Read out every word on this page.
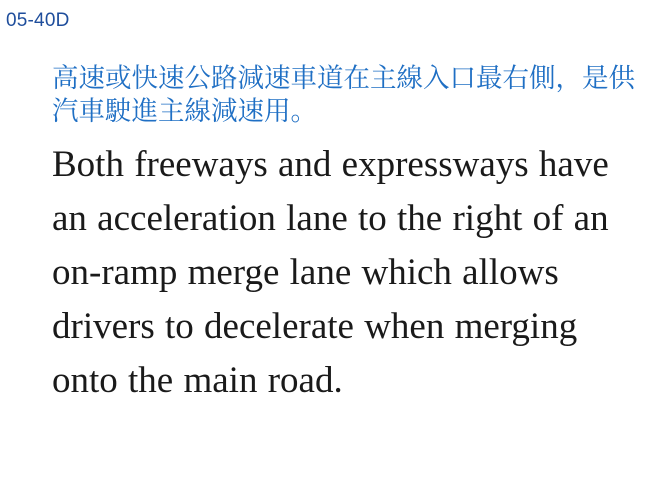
05-40D

高速或快速公路減速車道在主線入口最右側，是供汽車駛進主線減速用。

Both freeways and expressways have an acceleration lane to the right of an on-ramp merge lane which allows drivers to decelerate when merging onto the main road.
